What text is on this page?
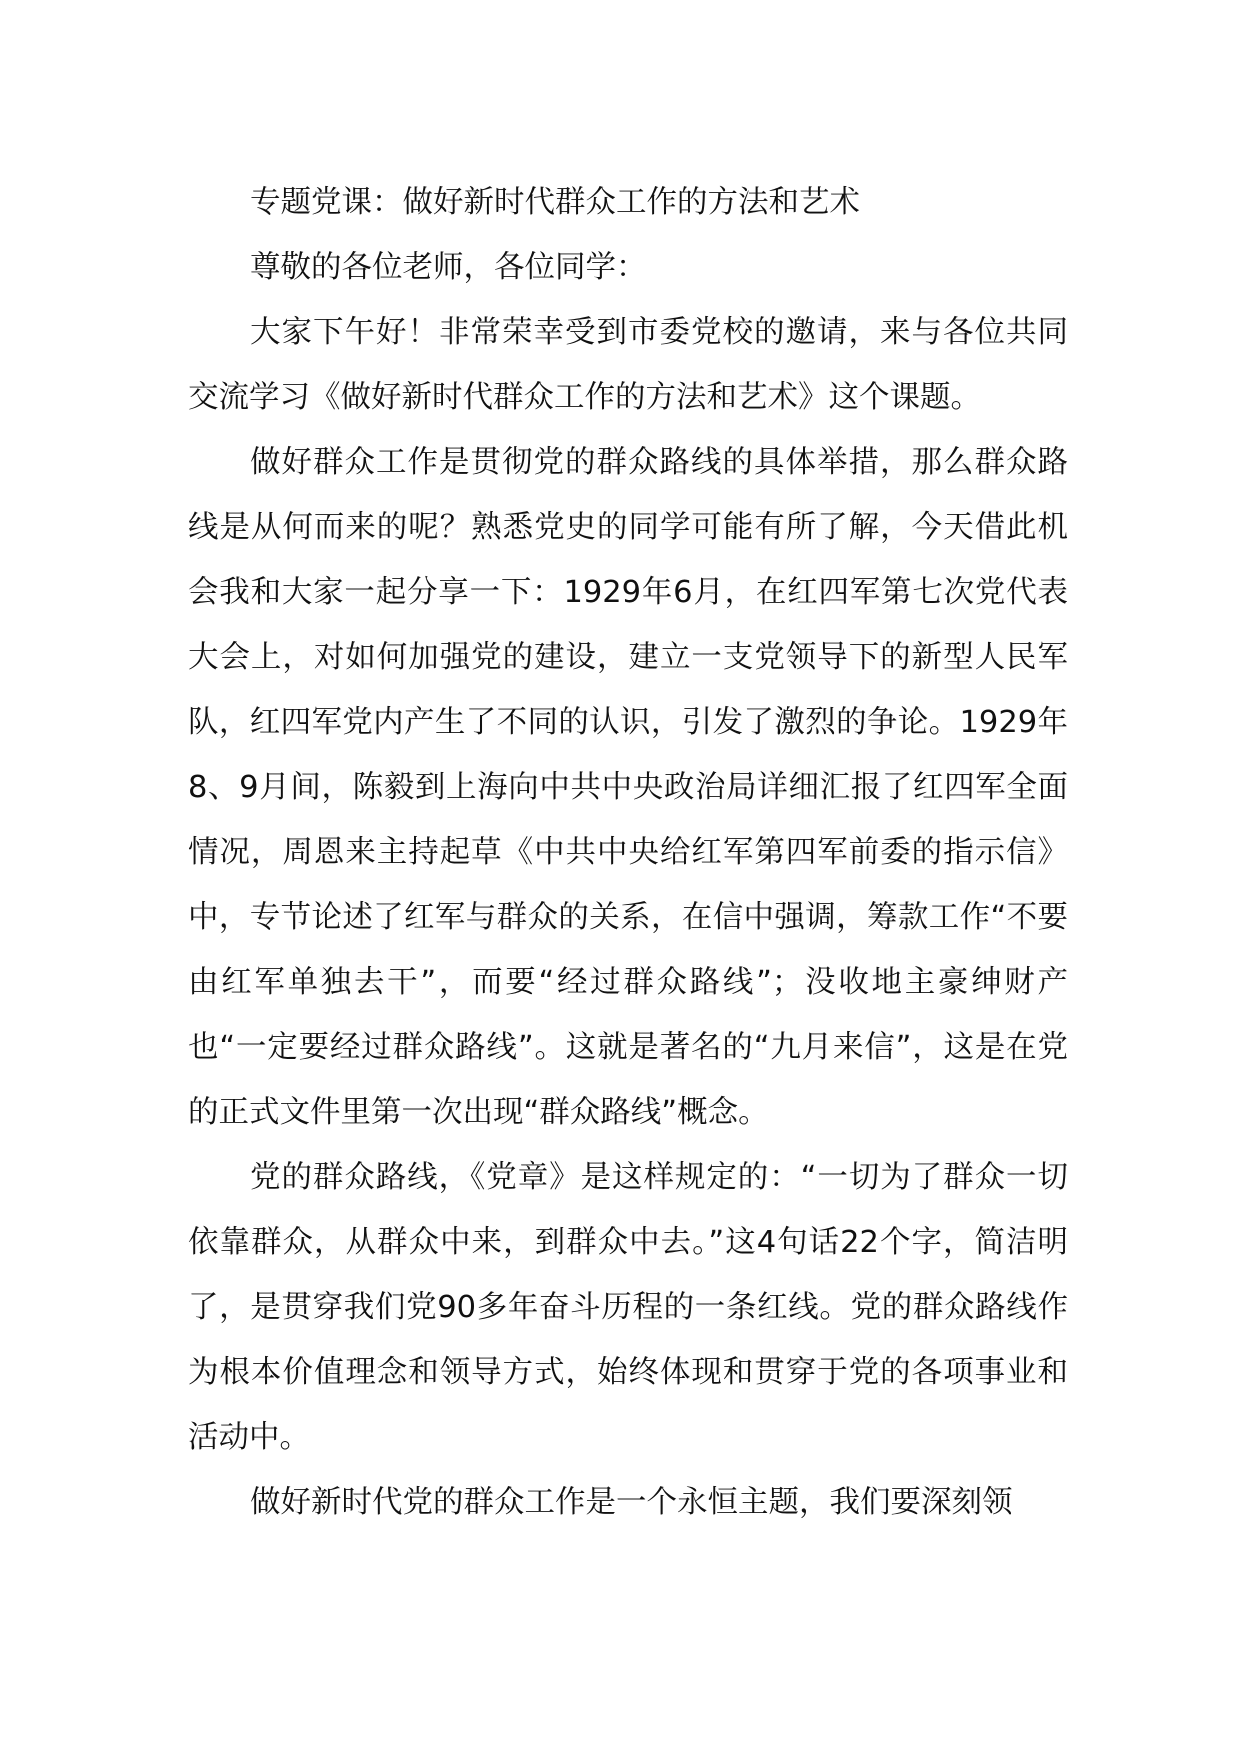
专题党课：做好新时代群众工作的方法和艺术

尊敬的各位老师，各位同学：

大家下午好！非常荣幸受到市委党校的邀请，来与各位共同交流学习《做好新时代群众工作的方法和艺术》这个课题。

做好群众工作是贯彻党的群众路线的具体举措，那么群众路线是从何而来的呢？熟悉党史的同学可能有所了解，今天借此机会我和大家一起分享一下：1929年6月，在红四军第七次党代表大会上，对如何加强党的建设，建立一支党领导下的新型人民军队，红四军党内产生了不同的认识，引发了激烈的争论。1929年8、9月间，陈毅到上海向中共中央政治局详细汇报了红四军全面情况，周恩来主持起草《中共中央给红军第四军前委的指示信》中，专节论述了红军与群众的关系，在信中强调，筹款工作“不要由红军单独去干”，而要“经过群众路线”；没收地主豪绅财产也“一定要经过群众路线”。这就是著名的“九月来信”，这是在党的正式文件里第一次出现“群众路线”概念。

党的群众路线，《党章》是这样规定的：“一切为了群众一切依靠群众，从群众中来，到群众中去。”这4句话22个字，简洁明了，是贯穿我们党90多年奋斗历程的一条红线。党的群众路线作为根本价值理念和领导方式，始终体现和贯穿于党的各项事业和活动中。

做好新时代党的群众工作是一个永恒主题，我们要深刻领
